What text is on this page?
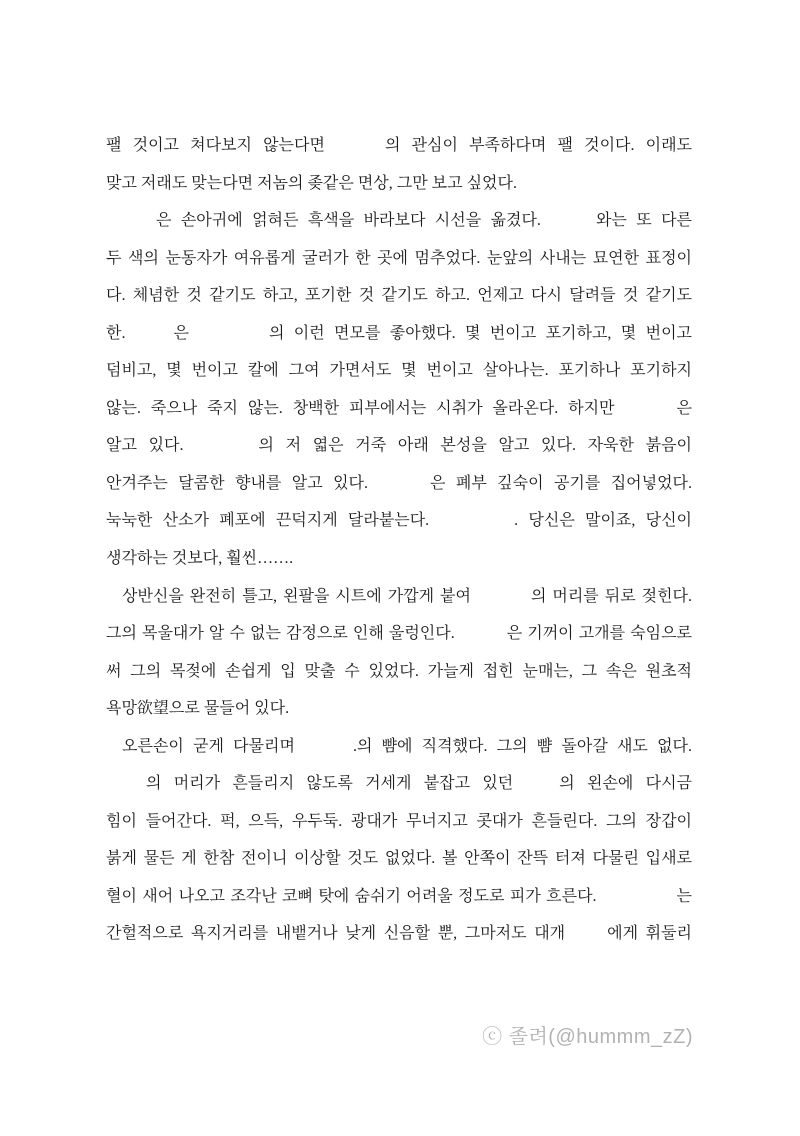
팰 것이고 쳐다보지 않는다면	의 관심이 부족하다며 팰 것이다. 이래도
맞고 저래도 맞는다면 저놈의 좆같은 면상, 그만 보고 싶었다.
은 손아귀에 얽혀든 흑색을 바라보다 시선을 옮겼다.	와는 또 다른
두 색의 눈동자가 여유롭게 굴러가 한 곳에 멈추었다. 눈앞의 사내는 묘연한 표정이
다. 체념한 것 같기도 하고, 포기한 것 같기도 하고. 언제고 다시 달려들 것 같기도
한.	은	의 이런 면모를 좋아했다. 몇 번이고 포기하고, 몇 번이고
덤비고, 몇 번이고 칼에 그여 가면서도 몇 번이고 살아나는. 포기하나 포기하지
않는. 죽으나 죽지 않는. 창백한 피부에서는 시취가 올라온다. 하지만	은
알고 있다.	의 저 엷은 거죽 아래 본성을 알고 있다. 자욱한 붉음이
안겨주는 달콤한 향내를 알고 있다.	은 폐부 깊숙이 공기를 집어넣었다.
눅눅한 산소가 폐포에 끈덕지게 달라붙는다.	. 당신은 말이죠, 당신이
생각하는 것보다, 훨씬…….
상반신을 완전히 틀고, 왼팔을 시트에 가깝게 붙여	의 머리를 뒤로 젖힌다.
그의 목울대가 알 수 없는 감정으로 인해 울렁인다.	은 기꺼이 고개를 숙임으로
써 그의 목젖에 손쉽게 입 맞출 수 있었다. 가늘게 접힌 눈매는, 그 속은 원초적
욕망欲望으로 물들어 있다.
오른손이 굳게 다물리며	.의 뺨에 직격했다. 그의 뺨 돌아갈 새도 없다.
의 머리가 흔들리지 않도록 거세게 붙잡고 있던	의 왼손에 다시금
힘이 들어간다. 퍽, 으득, 우두둑. 광대가 무너지고 콧대가 흔들린다. 그의 장갑이
붉게 물든 게 한참 전이니 이상할 것도 없었다. 볼 안쪽이 잔뜩 터져 다물린 입새로
혈이 새어 나오고 조각난 코뼈 탓에 숨쉬기 어려울 정도로 피가 흐른다.	는
간헐적으로 욕지거리를 내뱉거나 낮게 신음할 뿐, 그마저도 대개	에게 휘둘리
ⓒ 졸려(@hummm_zZ)
